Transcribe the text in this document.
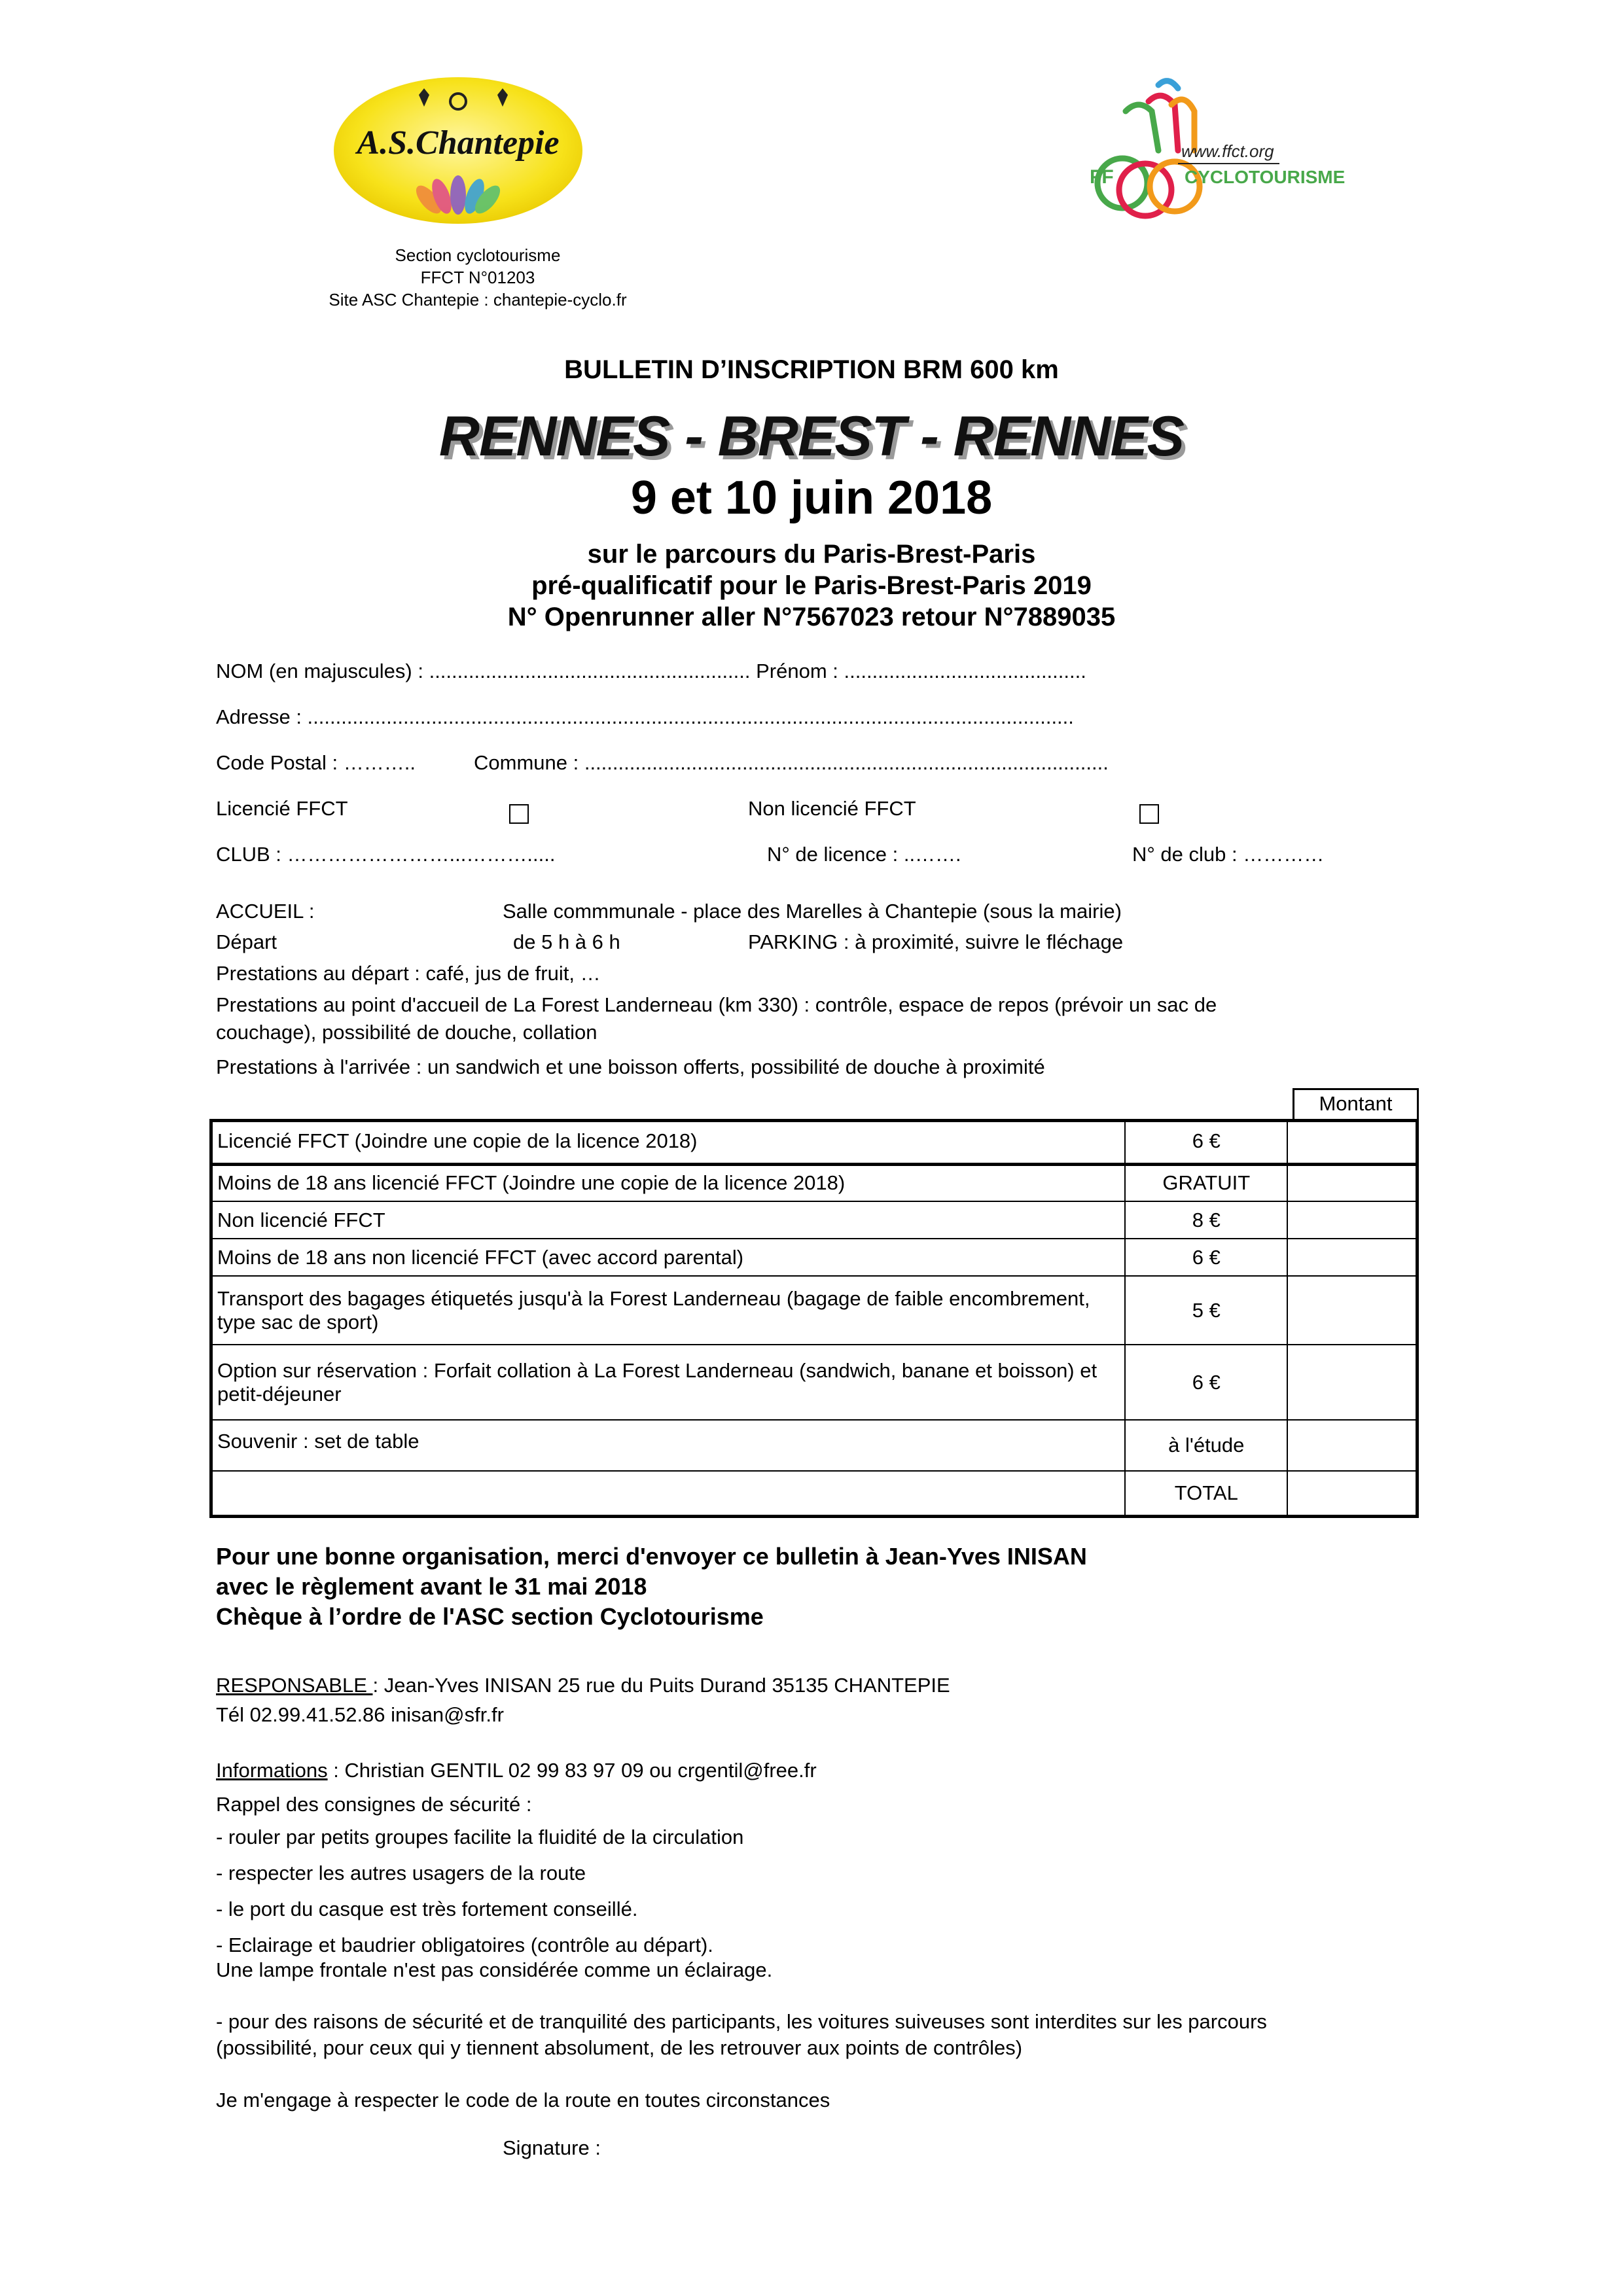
A.S.Chantepie	www.ffct.org
FF	CYCLOTOURISME
Section cyclotourisme
FFCT N°01203
Site ASC Chantepie : chantepie-cyclo.fr
BULLETIN D’INSCRIPTION BRM 600 km
RENNES - BREST - RENNES
9 et 10 juin 2018
sur le parcours du Paris-Brest-Paris
pré-qualificatif pour le Paris-Brest-Paris 2019
N° Openrunner aller N°7567023 retour N°7889035
NOM (en majuscules) : ......................................................... Prénom : ...........................................
Adresse : ........................................................................................................................................
Code Postal : ………..	Commune : .............................................................................................
Licencié FFCT	Non licencié FFCT
CLUB : ……………………...……….....	N° de licence : ..…….	N° de club : …………
ACCUEIL :	Salle commmunale - place des Marelles à Chantepie (sous la mairie)
Départ	de 5 h à 6 h	PARKING : à proximité, suivre le fléchage
Prestations au départ : café, jus de fruit, …
Prestations au point d'accueil de La Forest Landerneau (km 330) : contrôle, espace de repos (prévoir un sac de
couchage), possibilité de douche, collation
Prestations à l'arrivée : un sandwich et une boisson offerts, possibilité de douche à proximité
Montant
Licencié FFCT (Joindre une copie de la licence 2018)	6 €	
Moins de 18 ans licencié FFCT (Joindre une copie de la licence 2018)	GRATUIT	
Non licencié FFCT	8 €	
Moins de 18 ans non licencié FFCT (avec accord parental)	6 €	
Transport des bagages étiquetés jusqu'à la Forest Landerneau (bagage de faible encombrement, type sac de sport)	5 €	
Option sur réservation : Forfait collation à La Forest Landerneau (sandwich, banane et boisson) et petit-déjeuner	6 €	
Souvenir : set de table	à l'étude	
	TOTAL	
Pour une bonne organisation, merci d'envoyer ce bulletin à Jean-Yves INISAN
avec le règlement avant le 31 mai 2018
Chèque à l’ordre de l'ASC section Cyclotourisme
RESPONSABLE : Jean-Yves INISAN 25 rue du Puits Durand 35135 CHANTEPIE
Tél 02.99.41.52.86 inisan@sfr.fr
Informations : Christian GENTIL 02 99 83 97 09 ou crgentil@free.fr
Rappel des consignes de sécurité :
- rouler par petits groupes facilite la fluidité de la circulation
- respecter les autres usagers de la route
- le port du casque est très fortement conseillé.
- Eclairage et baudrier obligatoires (contrôle au départ).
Une lampe frontale n'est pas considérée comme un éclairage.
- pour des raisons de sécurité et de tranquilité des participants, les voitures suiveuses sont interdites sur les parcours
(possibilité, pour ceux qui y tiennent absolument, de les retrouver aux points de contrôles)
Je m'engage à respecter le code de la route en toutes circonstances
Signature :
